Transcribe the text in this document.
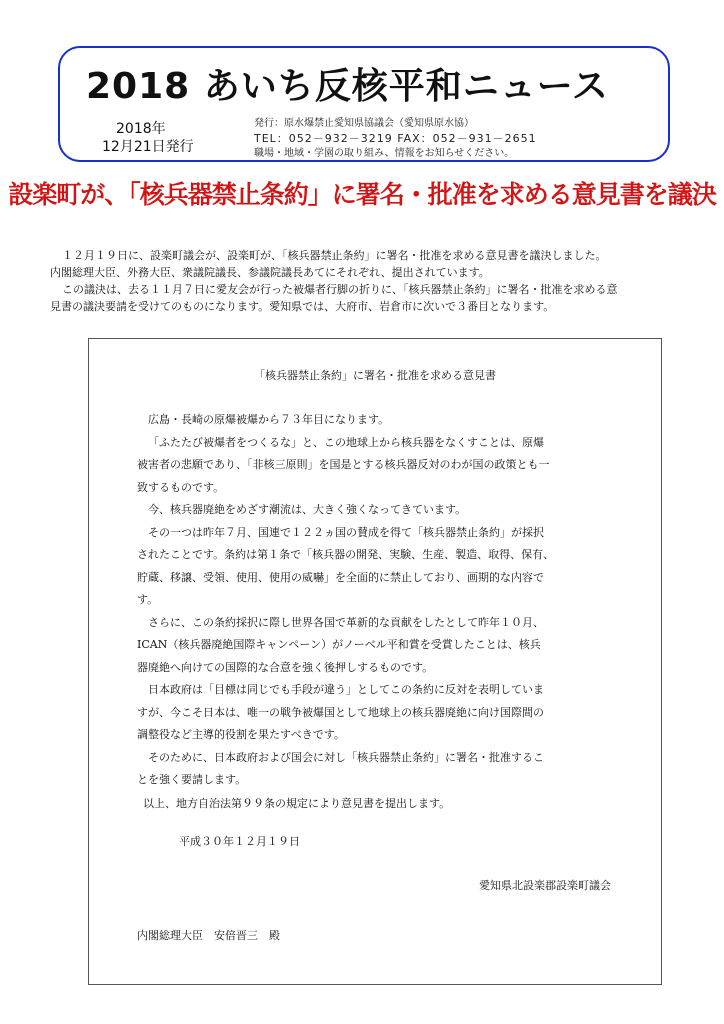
2018 あいち反核平和ニュース
2018年
12月21日発行
発行：原水爆禁止愛知県協議会（愛知県原水協）
TEL：052－932－3219 FAX：052－931－2651
職場・地域・学園の取り組み、情報をお知らせください。
設楽町が、「核兵器禁止条約」に署名・批准を求める意見書を議決

１２月１９日に、設楽町議会が、設楽町が、「核兵器禁止条約」に署名・批准を求める意見書を議決しました。

内閣総理大臣、外務大臣、衆議院議長、参議院議長あてにそれぞれ、提出されています。

この議決は、去る１１月７日に愛友会が行った被爆者行脚の折りに、「核兵器禁止条約」に署名・批准を求める意

見書の議決要請を受けてのものになります。愛知県では、大府市、岩倉市に次いで３番目となります。

「核兵器禁止条約」に署名・批准を求める意見書

広島・長崎の原爆被爆から７３年目になります。

「ふたたび被爆者をつくるな」と、この地球上から核兵器をなくすことは、原爆

被害者の悲願であり、「非核三原則」を国是とする核兵器反対のわが国の政策とも一

致するものです。

今、核兵器廃絶をめざす潮流は、大きく強くなってきています。

その一つは昨年７月、国連で１２２ヵ国の賛成を得て「核兵器禁止条約」が採択

されたことです。条約は第１条で「核兵器の開発、実験、生産、製造、取得、保有、

貯蔵、移譲、受領、使用、使用の威嚇」を全面的に禁止しており、画期的な内容で

す。

さらに、この条約採択に際し世界各国で革新的な貢献をしたとして昨年１０月、

ICAN（核兵器廃絶国際キャンペーン）がノーベル平和賞を受賞したことは、核兵

器廃絶へ向けての国際的な合意を強く後押しするものです。

日本政府は「目標は同じでも手段が違う」としてこの条約に反対を表明していま

すが、今こそ日本は、唯一の戦争被爆国として地球上の核兵器廃絶に向け国際間の

調整役など主導的役割を果たすべきです。

そのために、日本政府および国会に対し「核兵器禁止条約」に署名・批准するこ

とを強く要請します。

以上、地方自治法第９９条の規定により意見書を提出します。
平成３０年１２月１９日
愛知県北設楽郡設楽町議会
内閣総理大臣　安倍晋三　殿
